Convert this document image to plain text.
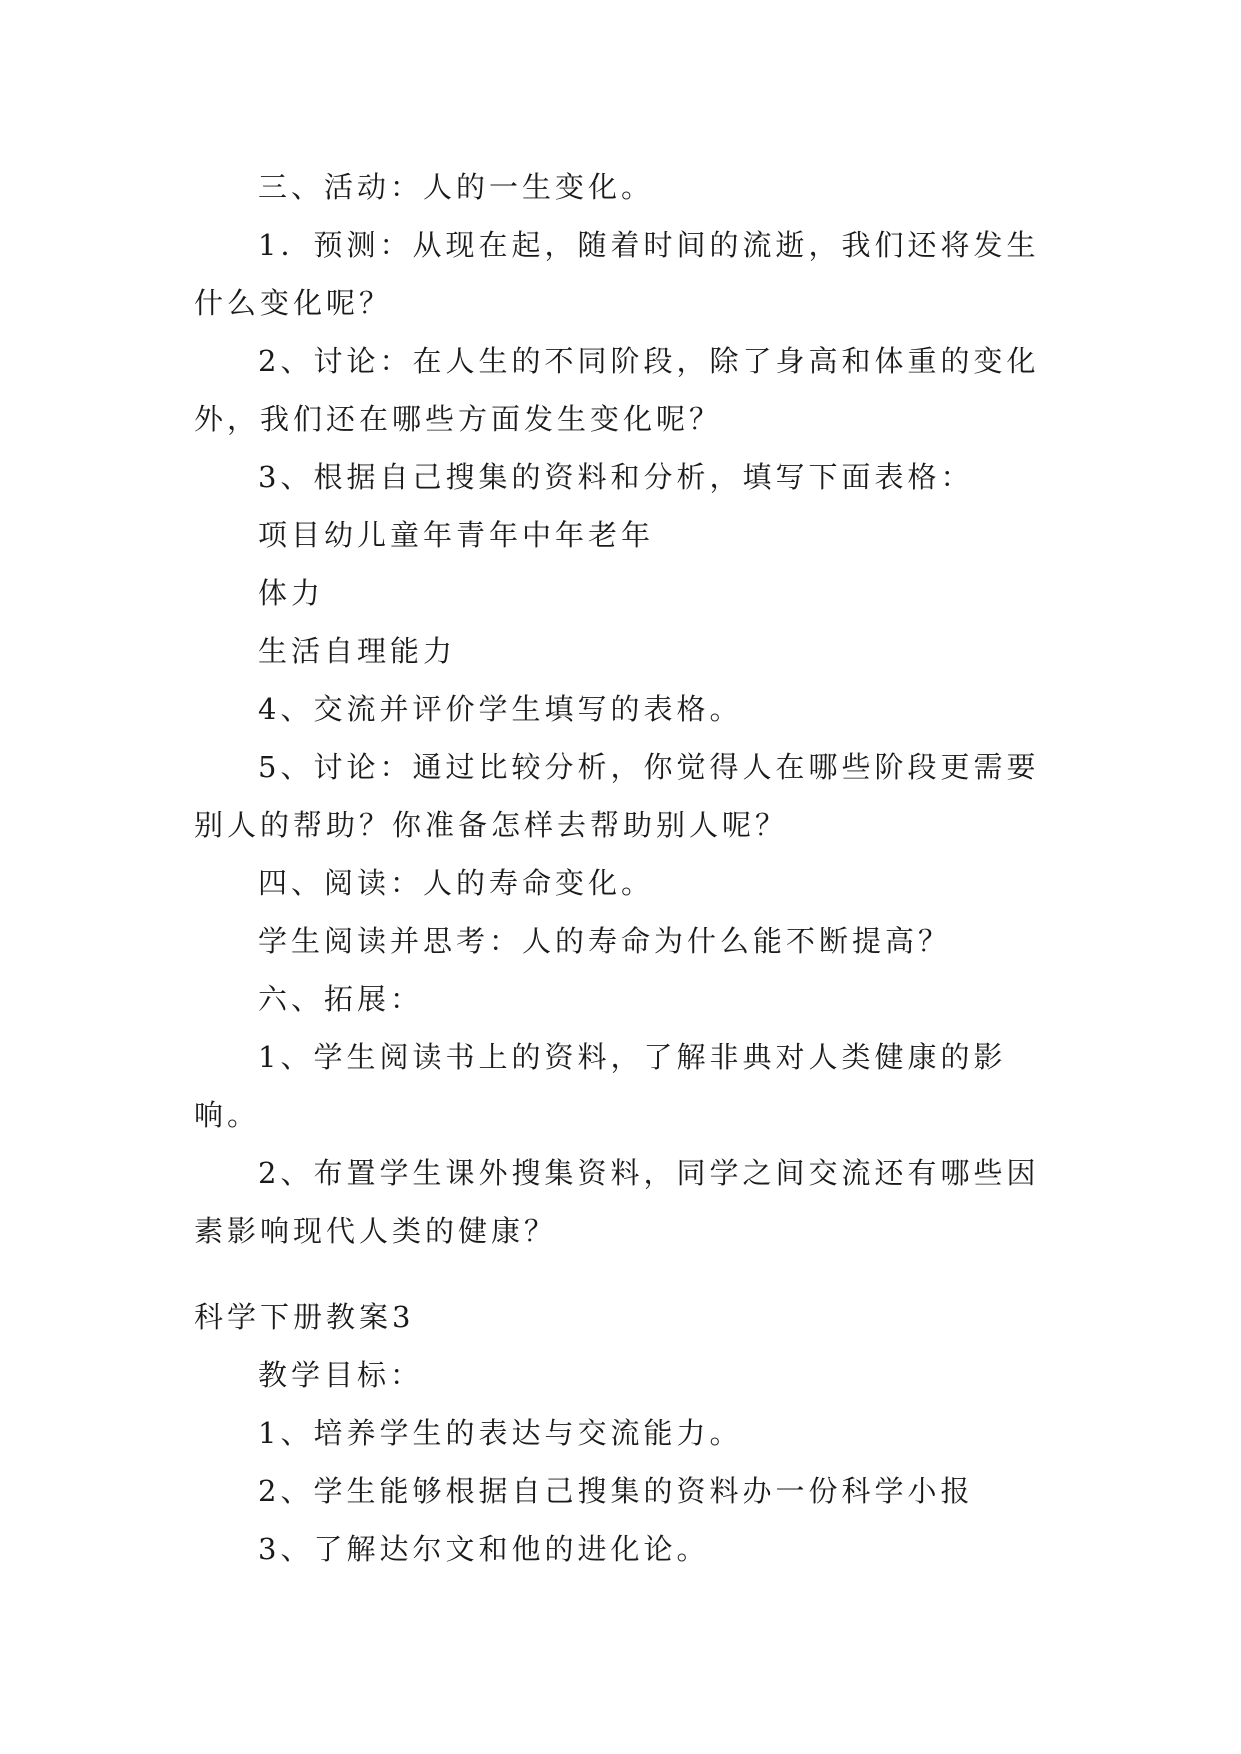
三、活动：人的一生变化。

1．预测：从现在起，随着时间的流逝，我们还将发生什么变化呢？

2、讨论：在人生的不同阶段，除了身高和体重的变化外，我们还在哪些方面发生变化呢？

3、根据自己搜集的资料和分析，填写下面表格：

项目幼儿童年青年中年老年

体力

生活自理能力

4、交流并评价学生填写的表格。

5、讨论：通过比较分析，你觉得人在哪些阶段更需要别人的帮助？你准备怎样去帮助别人呢？

四、阅读：人的寿命变化。

学生阅读并思考：人的寿命为什么能不断提高？

六、拓展：

1、学生阅读书上的资料，了解非典对人类健康的影响。

2、布置学生课外搜集资料，同学之间交流还有哪些因素影响现代人类的健康？

科学下册教案3

教学目标：

1、培养学生的表达与交流能力。

2、学生能够根据自己搜集的资料办一份科学小报

3、了解达尔文和他的进化论。
